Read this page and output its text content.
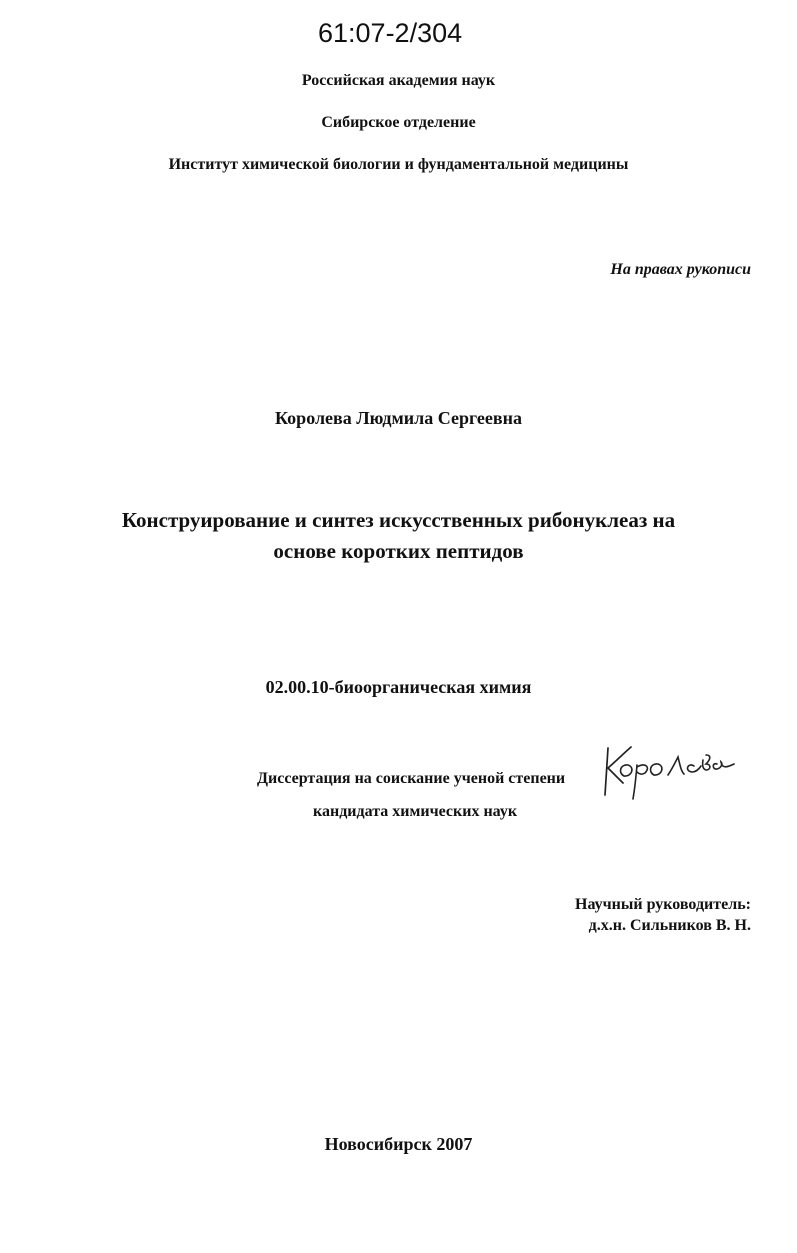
61:07-2/304
Российская академия наук
Сибирское отделение
Институт химической биологии и фундаментальной медицины
На правах рукописи
Королева Людмила Сергеевна
Конструирование и синтез искусственных рибонуклеаз на
основе коротких пептидов
02.00.10-биоорганическая химия
Диссертация на соискание ученой степени
кандидата химических наук
Научный руководитель:
д.х.н. Сильников В. Н.
Новосибирск 2007
